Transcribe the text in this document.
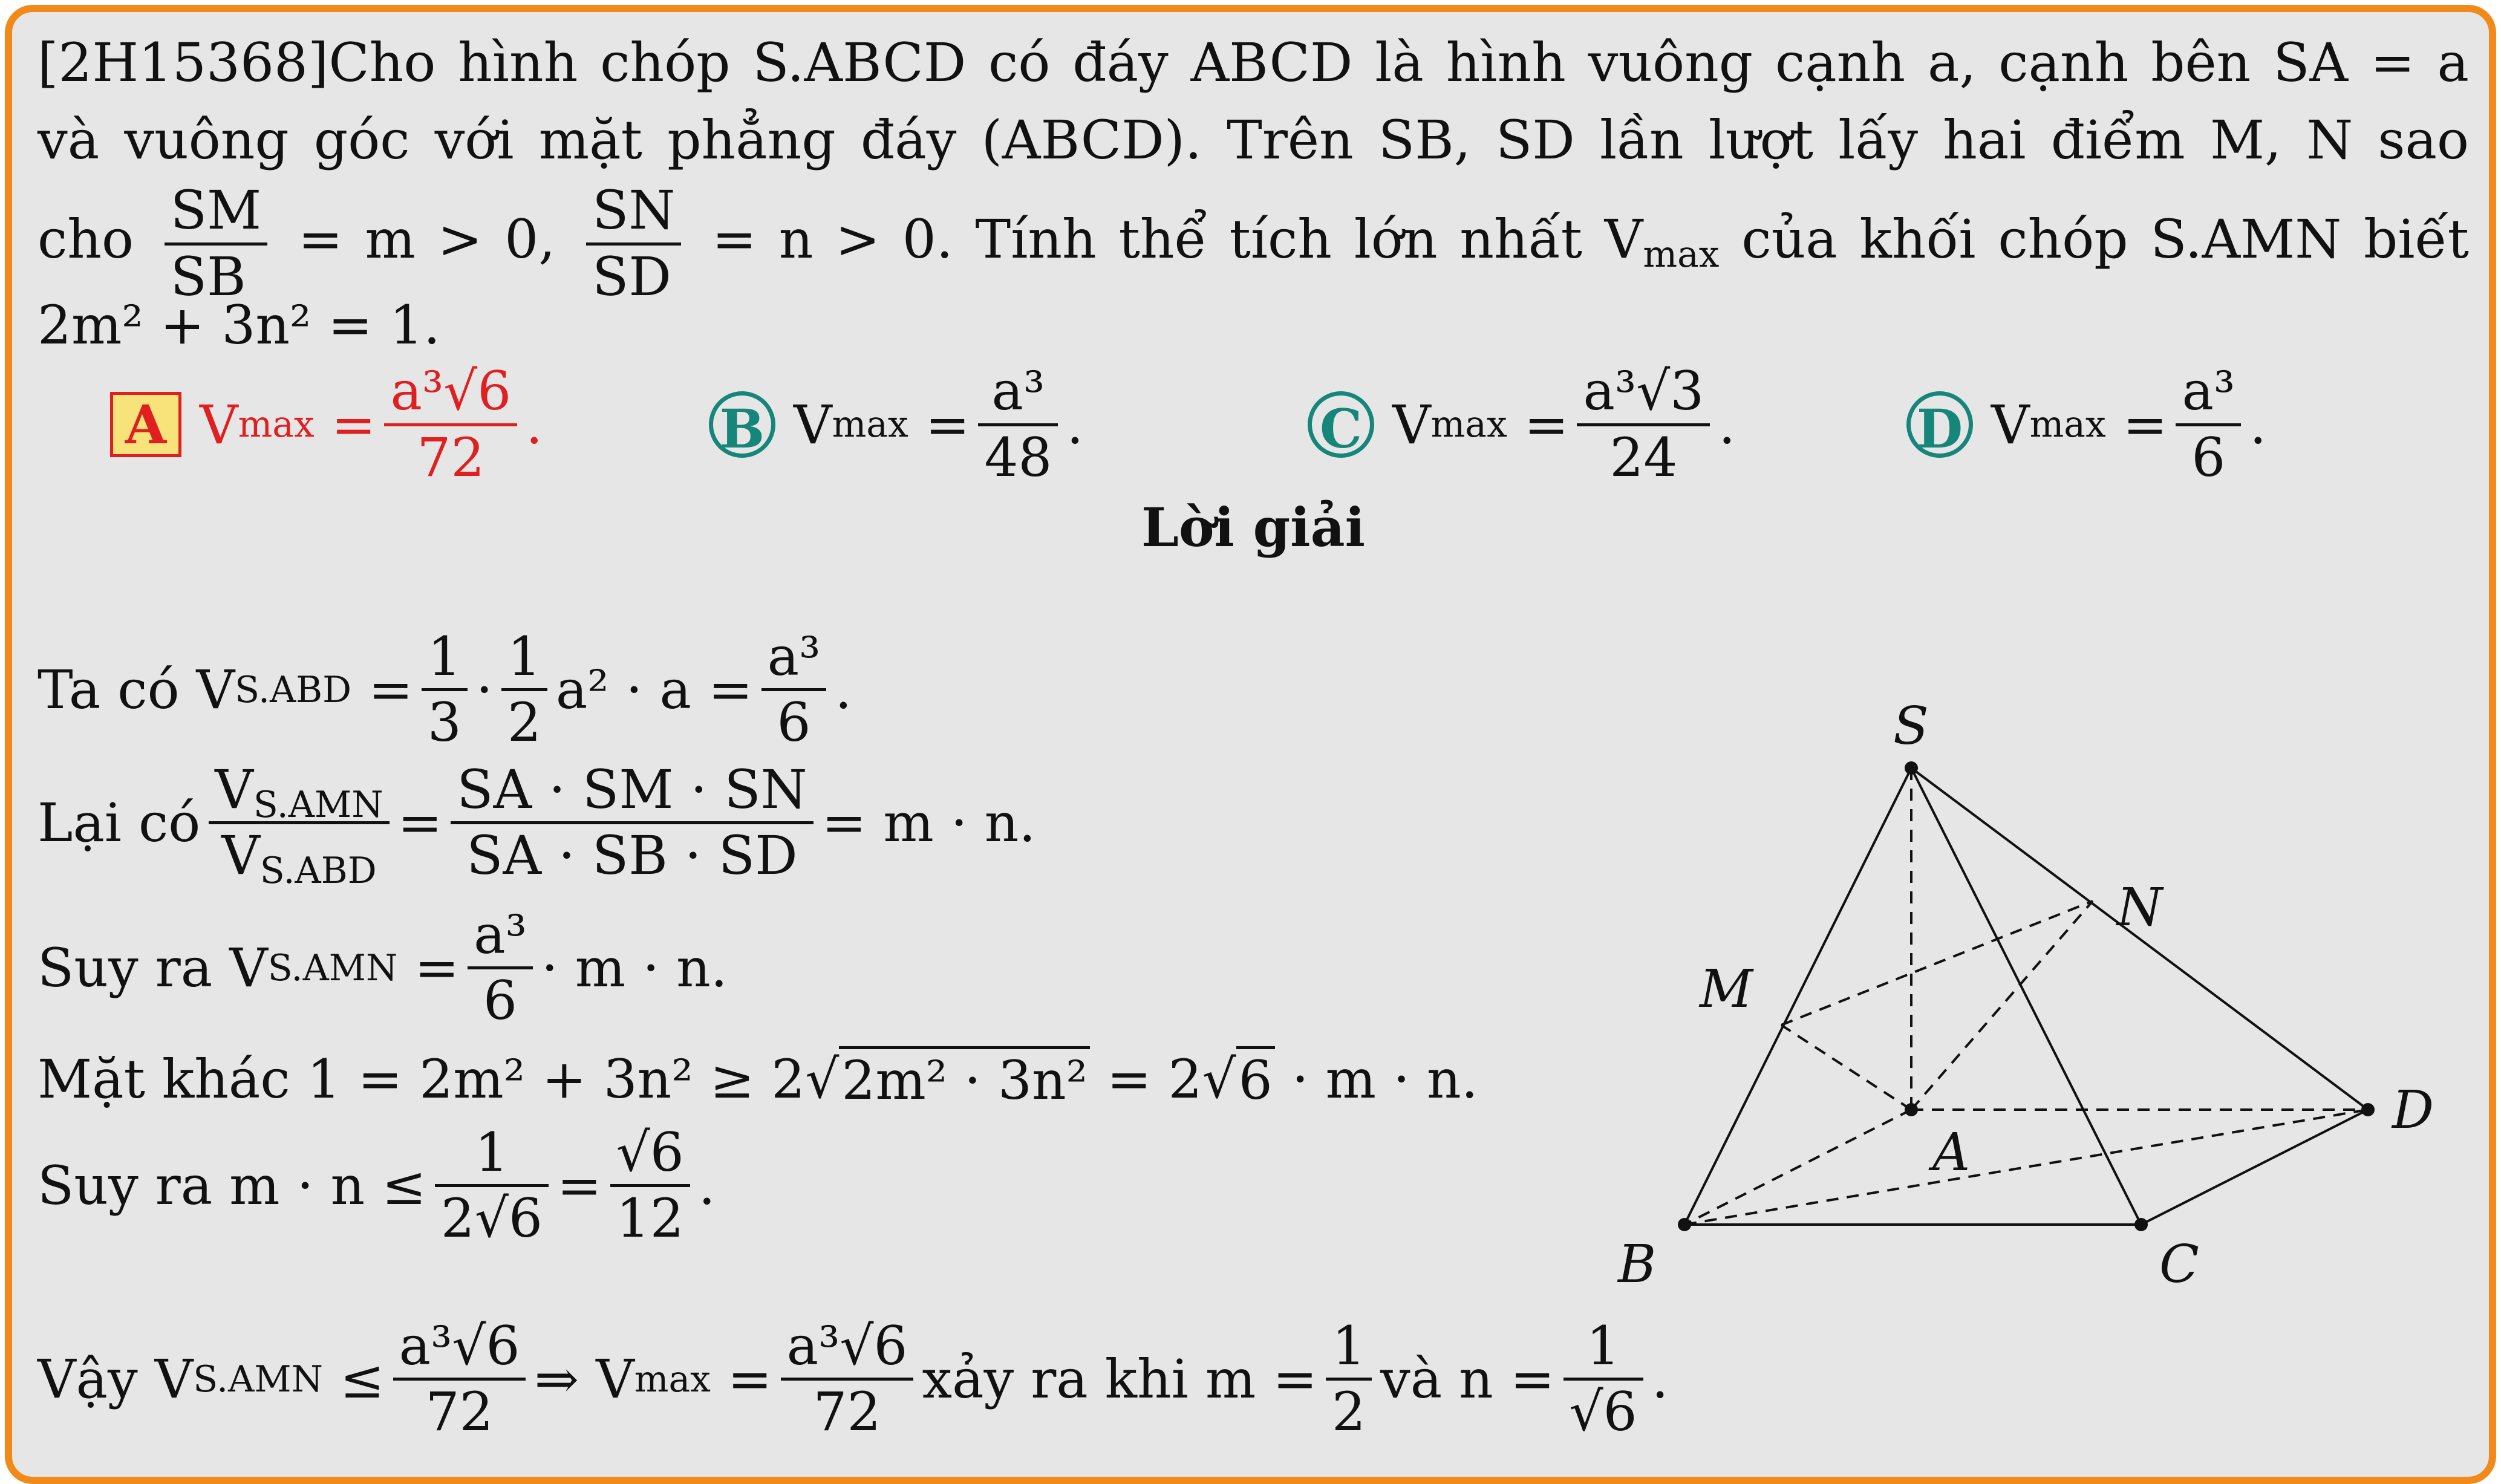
[2H15368]Cho hình chóp S.ABCD có đáy ABCD là hình vuông cạnh a, cạnh bên SA = a
và vuông góc với mặt phẳng đáy (ABCD). Trên SB, SD lần lượt lấy hai điểm M, N sao
cho $\frac{SM}{SB} = m > 0$, $\frac{SN}{SD} = n > 0$. Tính thể tích lớn nhất $V_{max}$ của khối chóp S.AMN biết
2m² + 3n² = 1.
A V $\max = \frac{\text{a³√6}}{72}$ .	B V $\max = \frac{\text{a³}}{48}$ .	C V $\max = \frac{\text{a³√3}}{24}$ .	D V $\max = \frac{\text{a³}}{6}$ .
Lời giải
Ta có V S.ABD
= $\frac{1}{3} \cdot \frac{1}{2} a^2 \cdot a = \frac{\text{a³}}{6}$ .
Lại có $\frac{V_{S.AMN}}{V_{S.ABD}} = \frac{SA \cdot SM \cdot SN}{SA \cdot SB \cdot SD} = m \cdot n$.
Suy ra V S.AMN
= $\frac{\text{a³}}{6} \cdot m \cdot n$.
Mặt khác 1 = 2m² + 3n² ≥ 2√ 2m² · 3n²
= 2√ 6
· m · n.
Suy ra $m \cdot n \le \frac{1}{2√6} = \frac{√6}{12}$ .
Vậy V S.AMN
≤ $\frac{\text{a³√6}}{72}$ ⇒ V max
= $\frac{\text{a³√6}}{72}$ xảy ra khi $m = \frac{1}{2}$ và $n = \frac{1}{√6}$ .
S
N
M
A
D
B	C
